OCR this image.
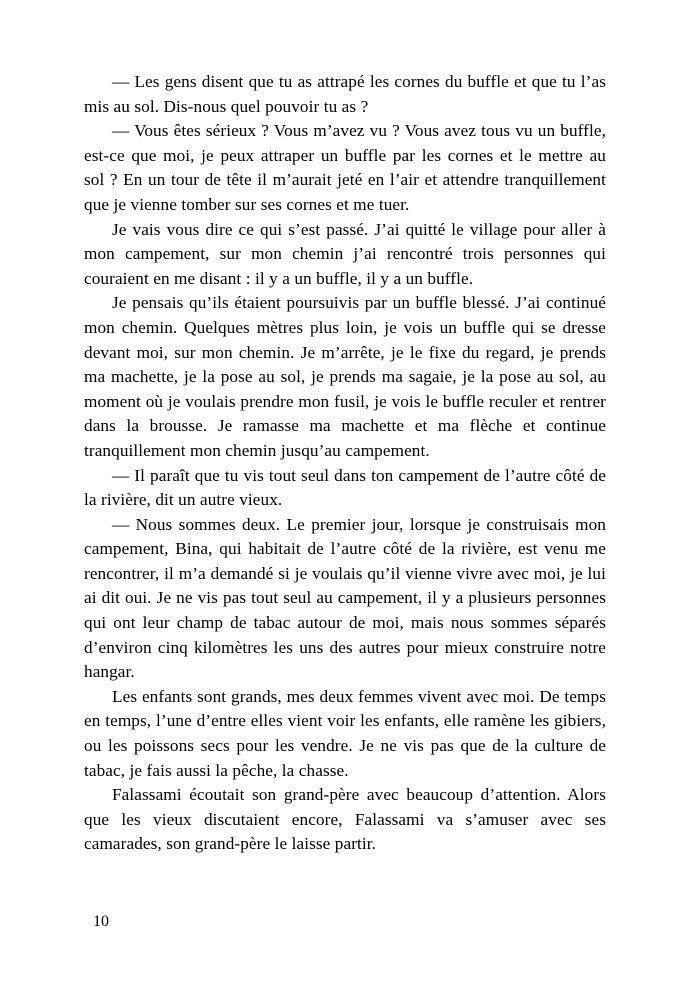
— Les gens disent que tu as attrapé les cornes du buffle et que tu l’as mis au sol. Dis-nous quel pouvoir tu as ?

— Vous êtes sérieux ? Vous m’avez vu ? Vous avez tous vu un buffle, est-ce que moi, je peux attraper un buffle par les cornes et le mettre au sol ? En un tour de tête il m’aurait jeté en l’air et attendre tranquillement que je vienne tomber sur ses cornes et me tuer.

Je vais vous dire ce qui s’est passé. J’ai quitté le village pour aller à mon campement, sur mon chemin j’ai rencontré trois personnes qui couraient en me disant : il y a un buffle, il y a un buffle.

Je pensais qu’ils étaient poursuivis par un buffle blessé. J’ai continué mon chemin. Quelques mètres plus loin, je vois un buffle qui se dresse devant moi, sur mon chemin. Je m’arrête, je le fixe du regard, je prends ma machette, je la pose au sol, je prends ma sagaie, je la pose au sol, au moment où je voulais prendre mon fusil, je vois le buffle reculer et rentrer dans la brousse. Je ramasse ma machette et ma flèche et continue tranquillement mon chemin jusqu’au campement.

— Il paraît que tu vis tout seul dans ton campement de l’autre côté de la rivière, dit un autre vieux.

— Nous sommes deux. Le premier jour, lorsque je construisais mon campement, Bina, qui habitait de l’autre côté de la rivière, est venu me rencontrer, il m’a demandé si je voulais qu’il vienne vivre avec moi, je lui ai dit oui. Je ne vis pas tout seul au campement, il y a plusieurs personnes qui ont leur champ de tabac autour de moi, mais nous sommes séparés d’environ cinq kilomètres les uns des autres pour mieux construire notre hangar.

Les enfants sont grands, mes deux femmes vivent avec moi. De temps en temps, l’une d’entre elles vient voir les enfants, elle ramène les gibiers, ou les poissons secs pour les vendre. Je ne vis pas que de la culture de tabac, je fais aussi la pêche, la chasse.

Falassami écoutait son grand-père avec beaucoup d’attention. Alors que les vieux discutaient encore, Falassami va s’amuser avec ses camarades, son grand-père le laisse partir.

10
